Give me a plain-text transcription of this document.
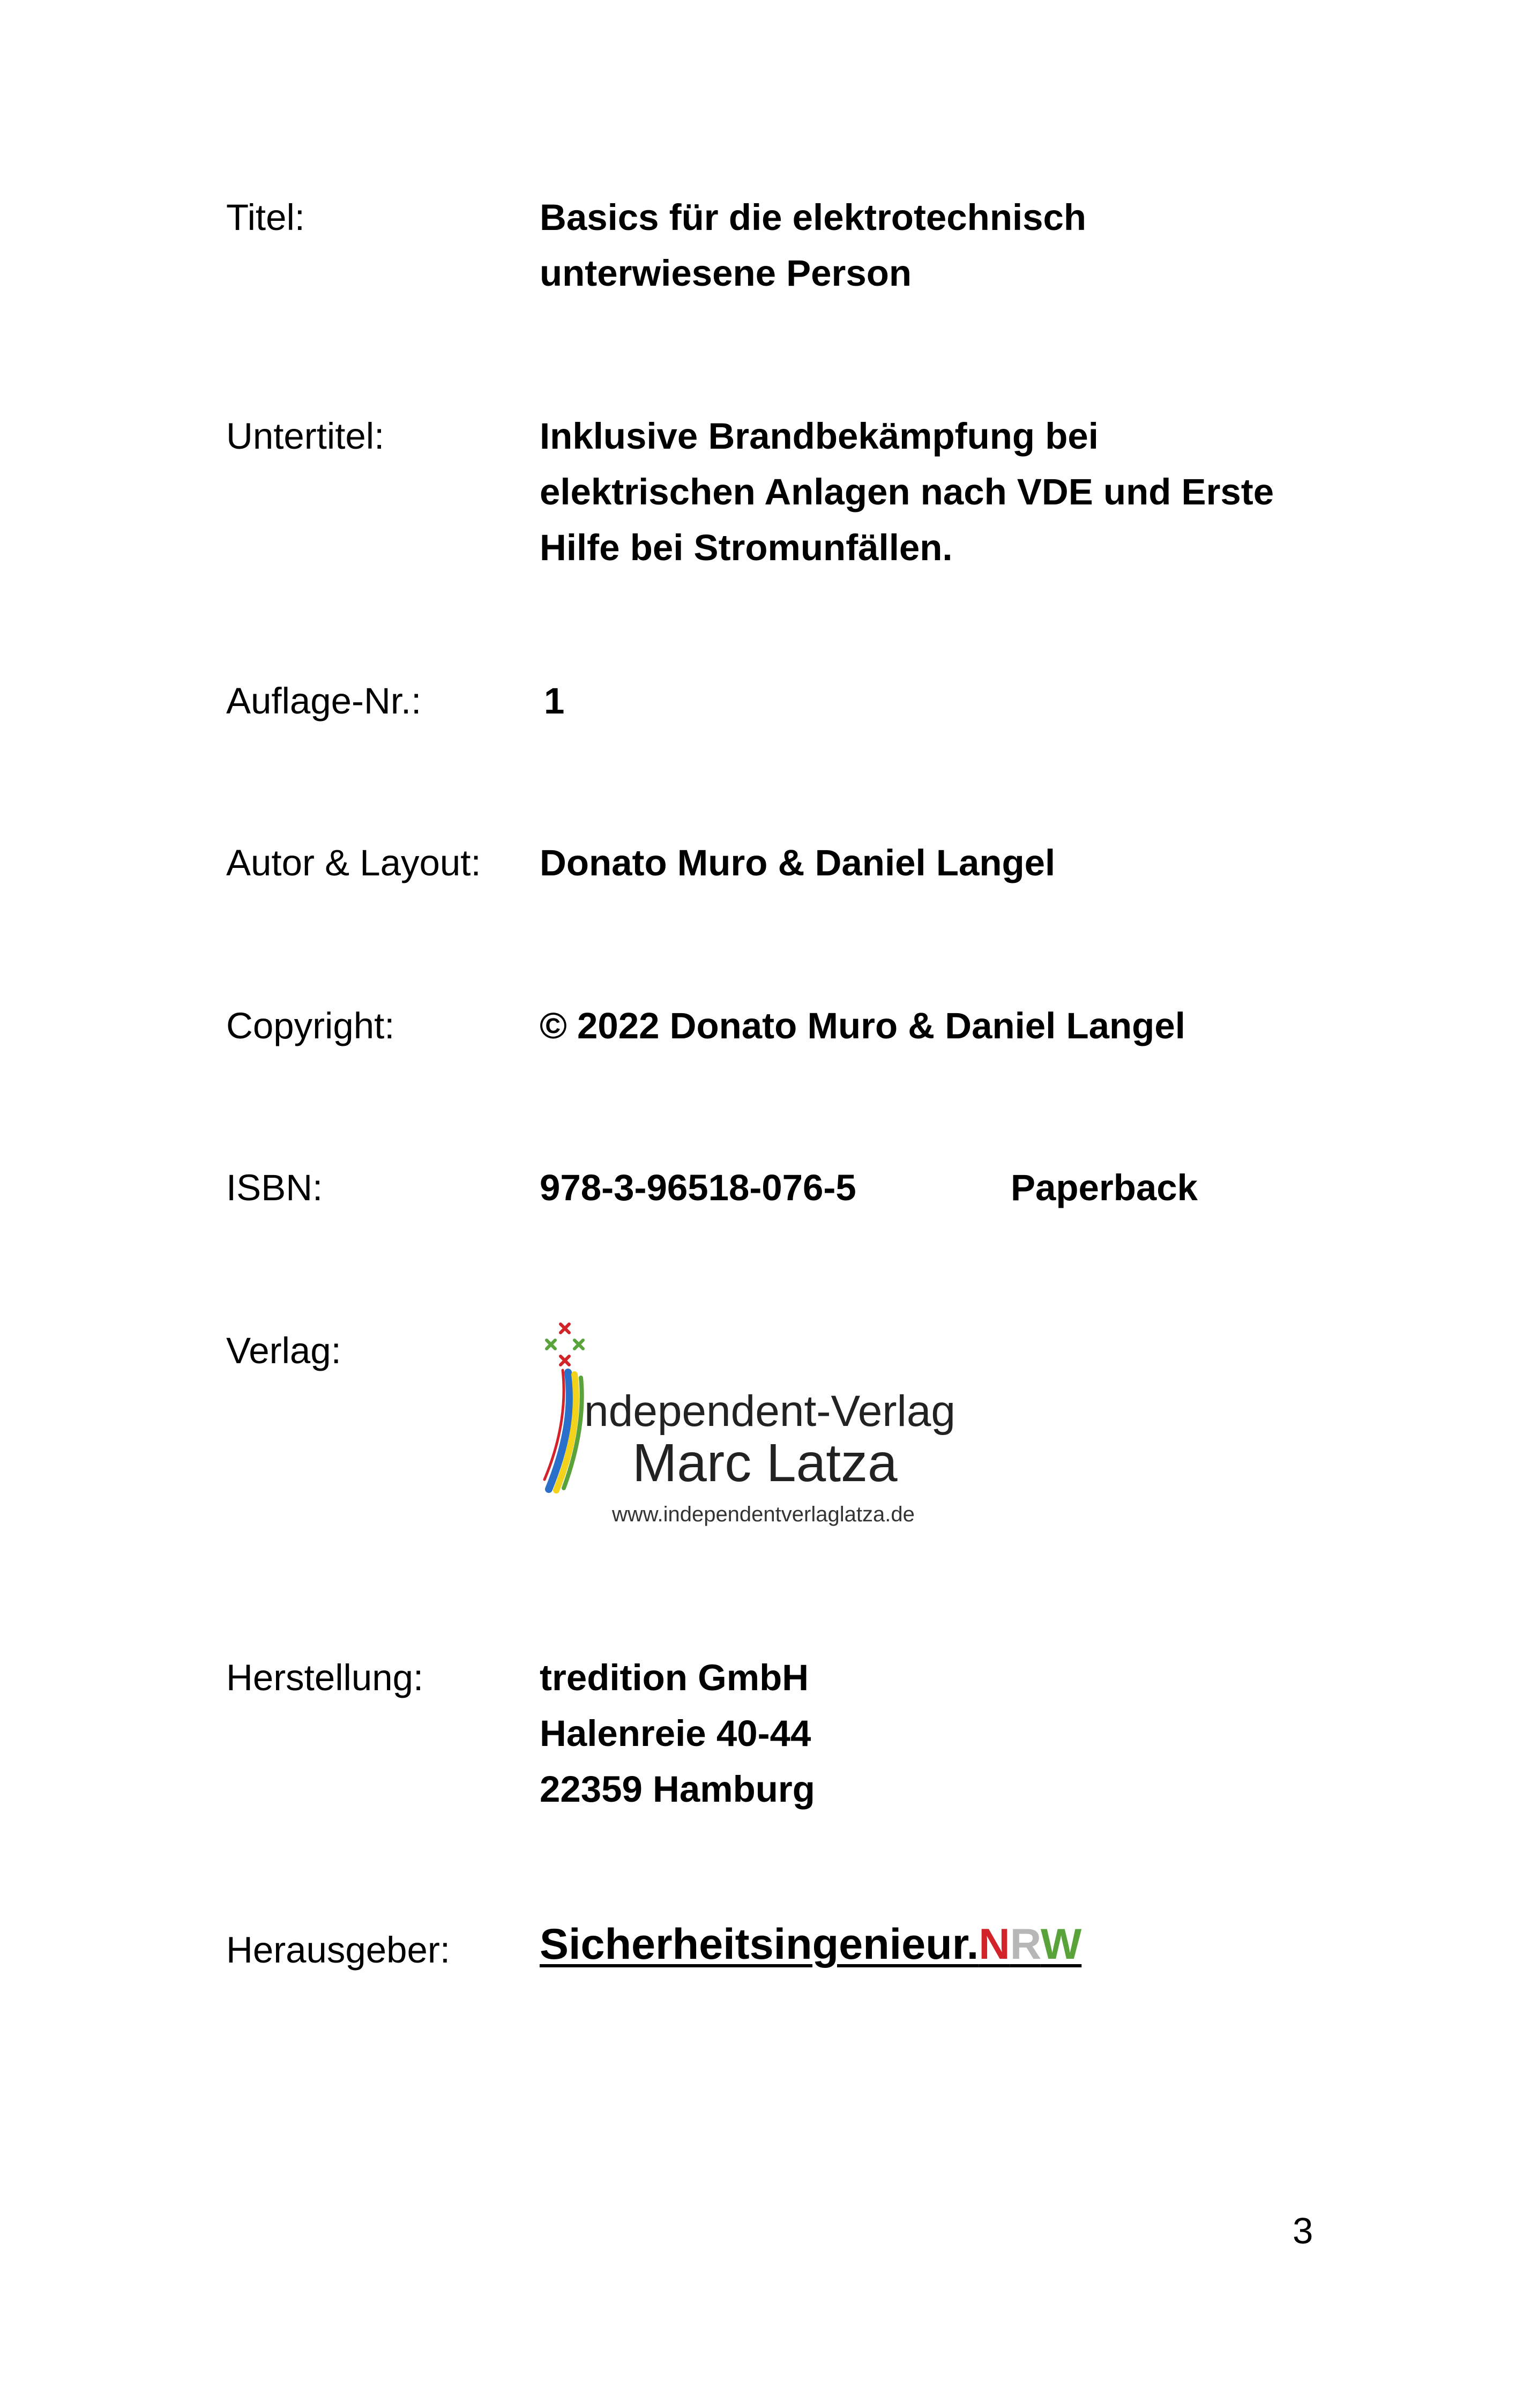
Titel:	Basics für die elektrotechnisch
unterwiesene Person
Untertitel:	Inklusive Brandbekämpfung bei
elektrischen Anlagen nach VDE und Erste
Hilfe bei Stromunfällen.
Auflage-Nr.:	1
Autor & Layout: Donato Muro & Daniel Langel
Copyright:	© 2022 Donato Muro & Daniel Langel
ISBN:	978-3-96518-076-5	Paperback
Verlag:
ndependent-Verlag
Marc Latza
www.independentverlaglatza.de
Herstellung:	tredition GmbH
Halenreie 40-44
22359 Hamburg
Herausgeber: Sicherheitsingenieur.NRW
3
